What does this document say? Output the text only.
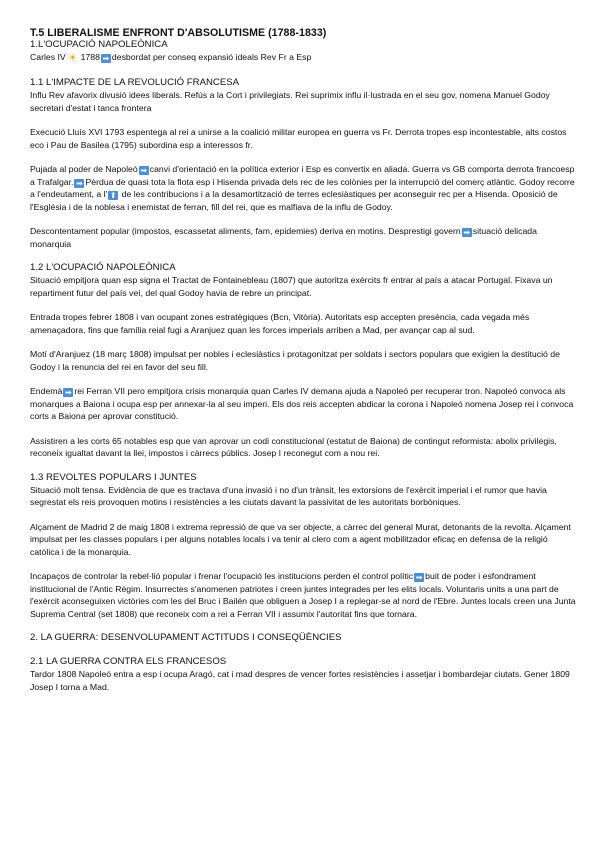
T.5 LIBERALISME ENFRONT D'ABSOLUTISME (1788-1833)

1.L'OCUPACIÓ NAPOLEÒNICA

Carles IV ☀ 1788 ➡ desbordat per conseq expansió ideals Rev Fr a Esp

1.1 L'IMPACTE DE LA REVOLUCIÓ FRANCESA

Influ Rev afavorix divusió idees liberals. Refús a la Cort i privilegiats. Rei suprimix influ il·lustrada en el seu gov, nomena Manuel Godoy secretari d'estat i tanca frontera

Execució Lluís XVI 1793 espentega al rei a unirse a la coalició militar europea en guerra vs Fr. Derrota tropes esp incontestable, alts costos eco i Pau de Basilea (1795) subordina esp a interessos fr.

Pujada al poder de Napoleó ➡ canvi d'orientació en la política exterior i Esp es convertix en aliada. Guerra vs GB comporta derrota francoesp a Trafalgar. ➡ Pèrdua de quasi tota la flota esp i Hisenda privada dels rec de les colònies per la interrupció del comerç atlàntic. Godoy recorre a l'endeutament, a l' ⬆ de les contribucions i a la desamortització de terres eclesiàstiques per aconseguir rec per a Hisenda. Oposició de l'Església i de la noblesa i enemistat de ferran, fill del rei, que es malfiava de la influ de Godoy.

Descontentament popular (impostos, escassetat aliments, fam, epidemies) deriva en motins. Desprestigi govern ➡ situació delicada monarquia

1.2 L'OCUPACIÓ NAPOLEÒNICA

Situació empitjora quan esp signa el Tractat de Fontainebleau (1807) que autoritza exèrcits fr entrar al país a atacar Portugal. Fixava un repartiment futur del país veí, del qual Godoy havia de rebre un principat.

Entrada tropes febrer 1808 i van ocupant zones estratègiques (Bcn, Vitòria). Autoritats esp accepten presència, cada vegada més amenaçadora, fins que família reial fugi a Aranjuez quan les forces imperials arriben a Mad, per avançar cap al sud.

Motí d'Aranjuez (18 març 1808) impulsat per nobles i eclesiàstics i protagonitzat per soldats i sectors populars que exigien la destitució de Godoy i la renuncia del rei en favor del seu fill.

Endemà ➡ rei Ferran VII pero empitjora crisis monarquia quan Carles IV demana ajuda a Napoleó per recuperar tron. Napoleó convoca als monarques a Baiona i ocupa esp per annexar-la al seu imperi. Els dos reis accepten abdicar la corona i Napoleó nomena Josep rei i convoca corts a Baiona per aprovar constitució.

Assistiren a les corts 65 notables esp que van aprovar un codi constitucional (estatut de Baiona) de contingut reformista: abolix privilegis, reconeix igualtat davant la llei, impostos i càrrecs públics. Josep I reconegut com a nou rei.

1.3 REVOLTES POPULARS I JUNTES

Situació molt tensa. Evidència de que es tractava d'una invasió i no d'un trànsit, les extorsions de l'exèrcit imperial i el rumor que havia segrestat els reis provoquen motins i resistències a les ciutats davant la passivitat de les autoritats borbòniques.

Alçament de Madrid 2 de maig 1808 i extrema repressió de que va ser objecte, a càrrec del general Murat, detonants de la revolta. Alçament impulsat per les classes populars i per alguns notables locals i va tenir al clero com a agent mobilitzador eficaç en defensa de la religió catòlica i de la monarquia.

Incapaços de controlar la rebel·lió popular i frenar l'ocupació les institucions perden el control polític ➡ buit de poder i esfondrament institucional de l'Antic Règim. Insurrectes s'anomenen patriotes i creen juntes integrades per les elits locals. Voluntaris units a una part de l'exèrcit aconseguixen victòries com les del Bruc i Bailén que obliguen a Josep I a replegar-se al nord de l'Ebre. Juntes locals creen una Junta Suprema Central (set 1808) que reconeix com a rei a Ferran VII i assumix l'autoritat fins que tornara.

2. LA GUERRA: DESENVOLUPAMENT ACTITUDS I CONSEQÜÈNCIES

2.1 LA GUERRA CONTRA ELS FRANCESOS

Tardor 1808 Napoleó entra a esp i ocupa Aragó, cat i mad despres de vencer fortes resistències i assetjar i bombardejar ciutats. Gener 1809 Josep I torna a Mad.
